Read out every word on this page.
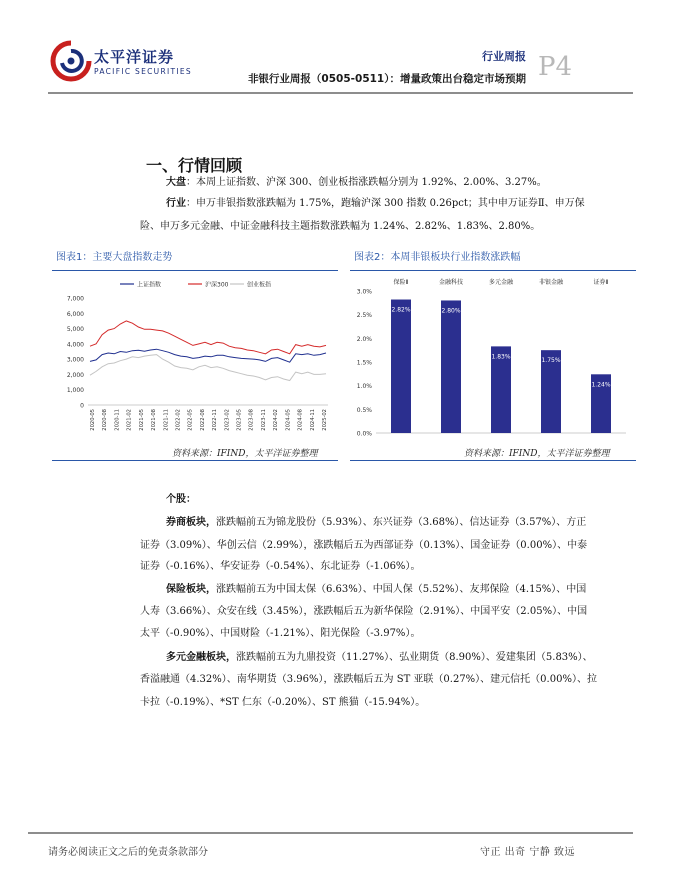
太平洋证券
PACIFIC SECURITIES
行业周报
非银行业周报（0505-0511）：增量政策出台稳定市场预期 P4
一、行情回顾
大盘：本周上证指数、沪深 300、创业板指涨跌幅分别为 1.92%、2.00%、3.27%。
行业：申万非银指数涨跌幅为 1.75%，跑输沪深 300 指数 0.26pct；其中申万证券Ⅱ、申万保
险、申万多元金融、中证金融科技主题指数涨跌幅为 1.24%、2.82%、1.83%、2.80%。
图表1：主要大盘指数走势
上证指数	沪深300	创业板指
7,000
6,000
5,000
4,000
3,000
2,000
1,000
0
2020-05 2020-08 2020-11 2021-02 2021-05 2021-08 2021-11 2022-02 2022-05 2022-08 2022-11 2023-02 2023-05 2023-08 2023-11 2024-02 2024-05 2024-08 2024-11 2025-02
资料来源：IFIND，太平洋证券整理
图表2：本周非银板块行业指数涨跌幅
3.0%
2.5%
2.0%
1.5%
1.0%
0.5%
0.0%
保险Ⅱ	金融科技	多元金融	非银金融	证券Ⅱ
2.82%	2.80%
1.83%
1.75%
1.24%
资料来源：IFIND，太平洋证券整理
个股：
券商板块，涨跌幅前五为锦龙股份（5.93%）、东兴证券（3.68%）、信达证券（3.57%）、方正
证券（3.09%）、华创云信（2.99%），涨跌幅后五为西部证券（0.13%）、国金证券（0.00%）、中泰
证券（-0.16%）、华安证券（-0.54%）、东北证券（-1.06%）。
保险板块，涨跌幅前五为中国太保（6.63%）、中国人保（5.52%）、友邦保险（4.15%）、中国
人寿（3.66%）、众安在线（3.45%），涨跌幅后五为新华保险（2.91%）、中国平安（2.05%）、中国
太平（-0.90%）、中国财险（-1.21%）、阳光保险（-3.97%）。
多元金融板块，涨跌幅前五为九鼎投资（11.27%）、弘业期货（8.90%）、爱建集团（5.83%）、
香溢融通（4.32%）、南华期货（3.96%），涨跌幅后五为 ST 亚联（0.27%）、建元信托（0.00%）、拉
卡拉（-0.19%）、*ST 仁东（-0.20%）、ST 熊猫（-15.94%）。
请务必阅读正文之后的免责条款部分	守正 出奇 宁静 致远
